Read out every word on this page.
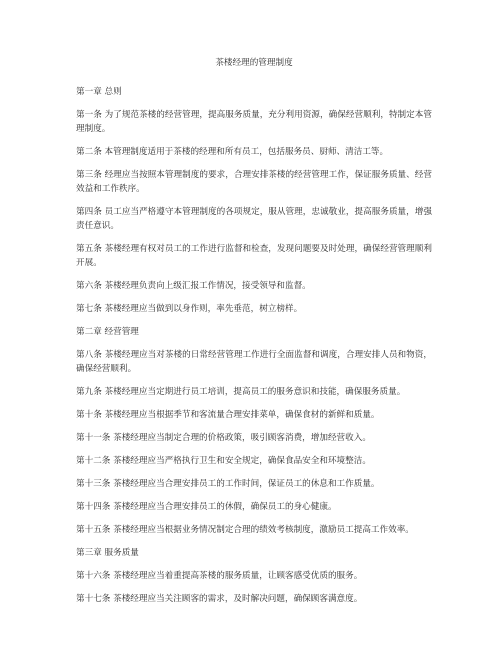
茶楼经理的管理制度
第一章 总则

第一条 为了规范茶楼的经营管理，提高服务质量，充分利用资源，确保经营顺利，特制定本管理制度。

第二条 本管理制度适用于茶楼的经理和所有员工，包括服务员、厨师、清洁工等。

第三条 经理应当按照本管理制度的要求，合理安排茶楼的经营管理工作，保证服务质量、经营效益和工作秩序。

第四条 员工应当严格遵守本管理制度的各项规定，服从管理，忠诚敬业，提高服务质量，增强责任意识。

第五条 茶楼经理有权对员工的工作进行监督和检查，发现问题要及时处理，确保经营管理顺利开展。

第六条 茶楼经理负责向上级汇报工作情况，接受领导和监督。

第七条 茶楼经理应当做到以身作则，率先垂范，树立榜样。

第二章 经营管理

第八条 茶楼经理应当对茶楼的日常经营管理工作进行全面监督和调度，合理安排人员和物资，确保经营顺利。

第九条 茶楼经理应当定期进行员工培训，提高员工的服务意识和技能，确保服务质量。

第十条 茶楼经理应当根据季节和客流量合理安排菜单，确保食材的新鲜和质量。

第十一条 茶楼经理应当制定合理的价格政策，吸引顾客消费，增加经营收入。

第十二条 茶楼经理应当严格执行卫生和安全规定，确保食品安全和环境整洁。

第十三条 茶楼经理应当合理安排员工的工作时间，保证员工的休息和工作质量。

第十四条 茶楼经理应当合理安排员工的休假，确保员工的身心健康。

第十五条 茶楼经理应当根据业务情况制定合理的绩效考核制度，激励员工提高工作效率。

第三章 服务质量

第十六条 茶楼经理应当着重提高茶楼的服务质量，让顾客感受优质的服务。

第十七条 茶楼经理应当关注顾客的需求，及时解决问题，确保顾客满意度。
